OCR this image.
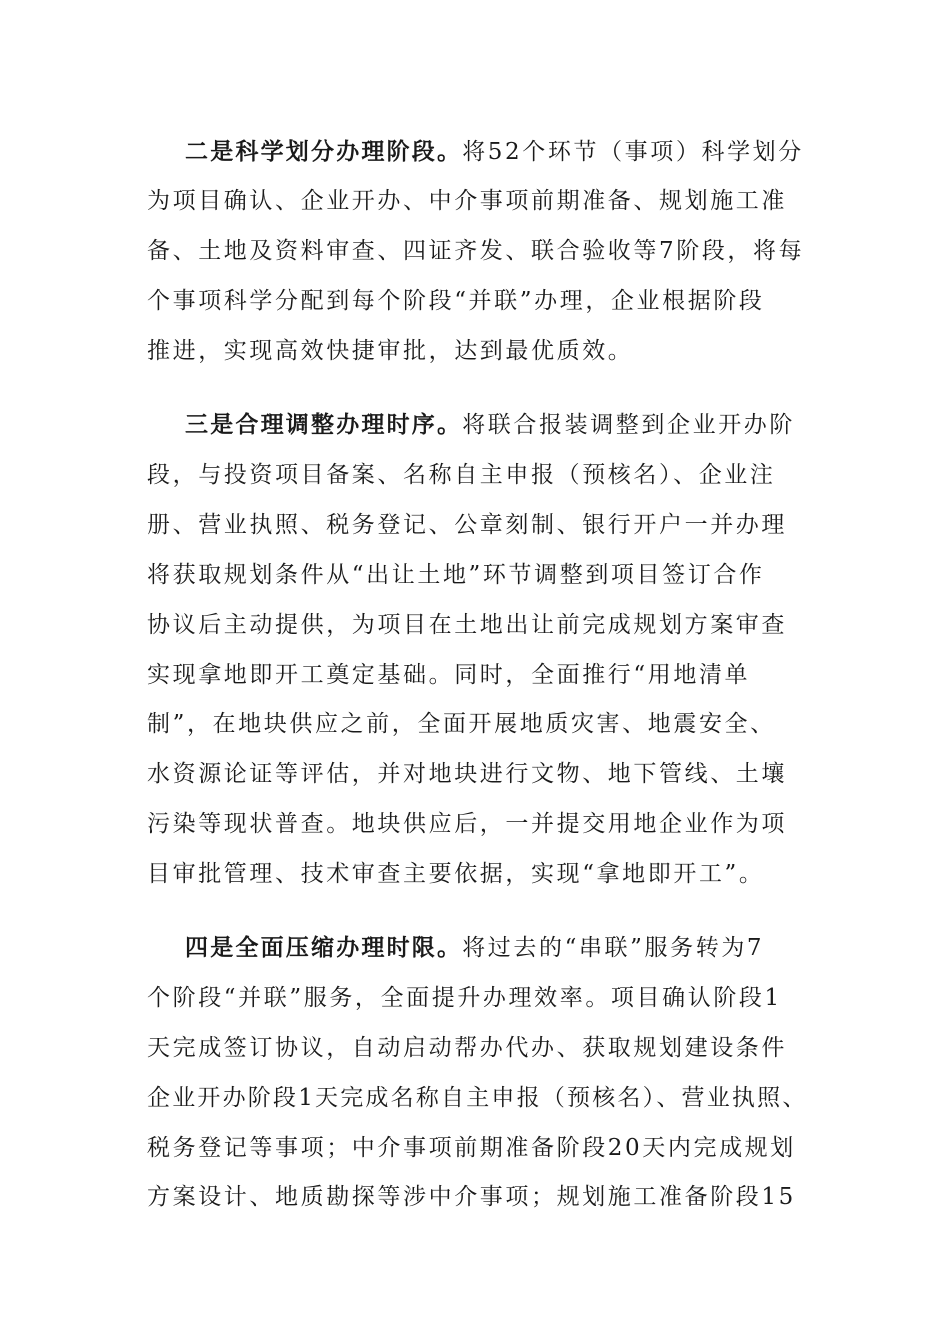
二是科学划分办理阶段。将52个环节（事项）科学划分
为项目确认、企业开办、中介事项前期准备、规划施工准
备、土地及资料审查、四证齐发、联合验收等7阶段，将每
个事项科学分配到每个阶段“并联”办理，企业根据阶段
推进，实现高效快捷审批，达到最优质效。
三是合理调整办理时序。将联合报装调整到企业开办阶
段，与投资项目备案、名称自主申报（预核名）、企业注
册、营业执照、税务登记、公章刻制、银行开户一并办理
将获取规划条件从“出让土地”环节调整到项目签订合作
协议后主动提供，为项目在土地出让前完成规划方案审查
实现拿地即开工奠定基础。同时，全面推行“用地清单
制”，在地块供应之前，全面开展地质灾害、地震安全、
水资源论证等评估，并对地块进行文物、地下管线、土壤
污染等现状普查。地块供应后，一并提交用地企业作为项
目审批管理、技术审查主要依据，实现“拿地即开工”。
四是全面压缩办理时限。将过去的“串联”服务转为7
个阶段“并联”服务，全面提升办理效率。项目确认阶段1
天完成签订协议，自动启动帮办代办、获取规划建设条件
企业开办阶段1天完成名称自主申报（预核名）、营业执照、
税务登记等事项；中介事项前期准备阶段20天内完成规划
方案设计、地质勘探等涉中介事项；规划施工准备阶段15
